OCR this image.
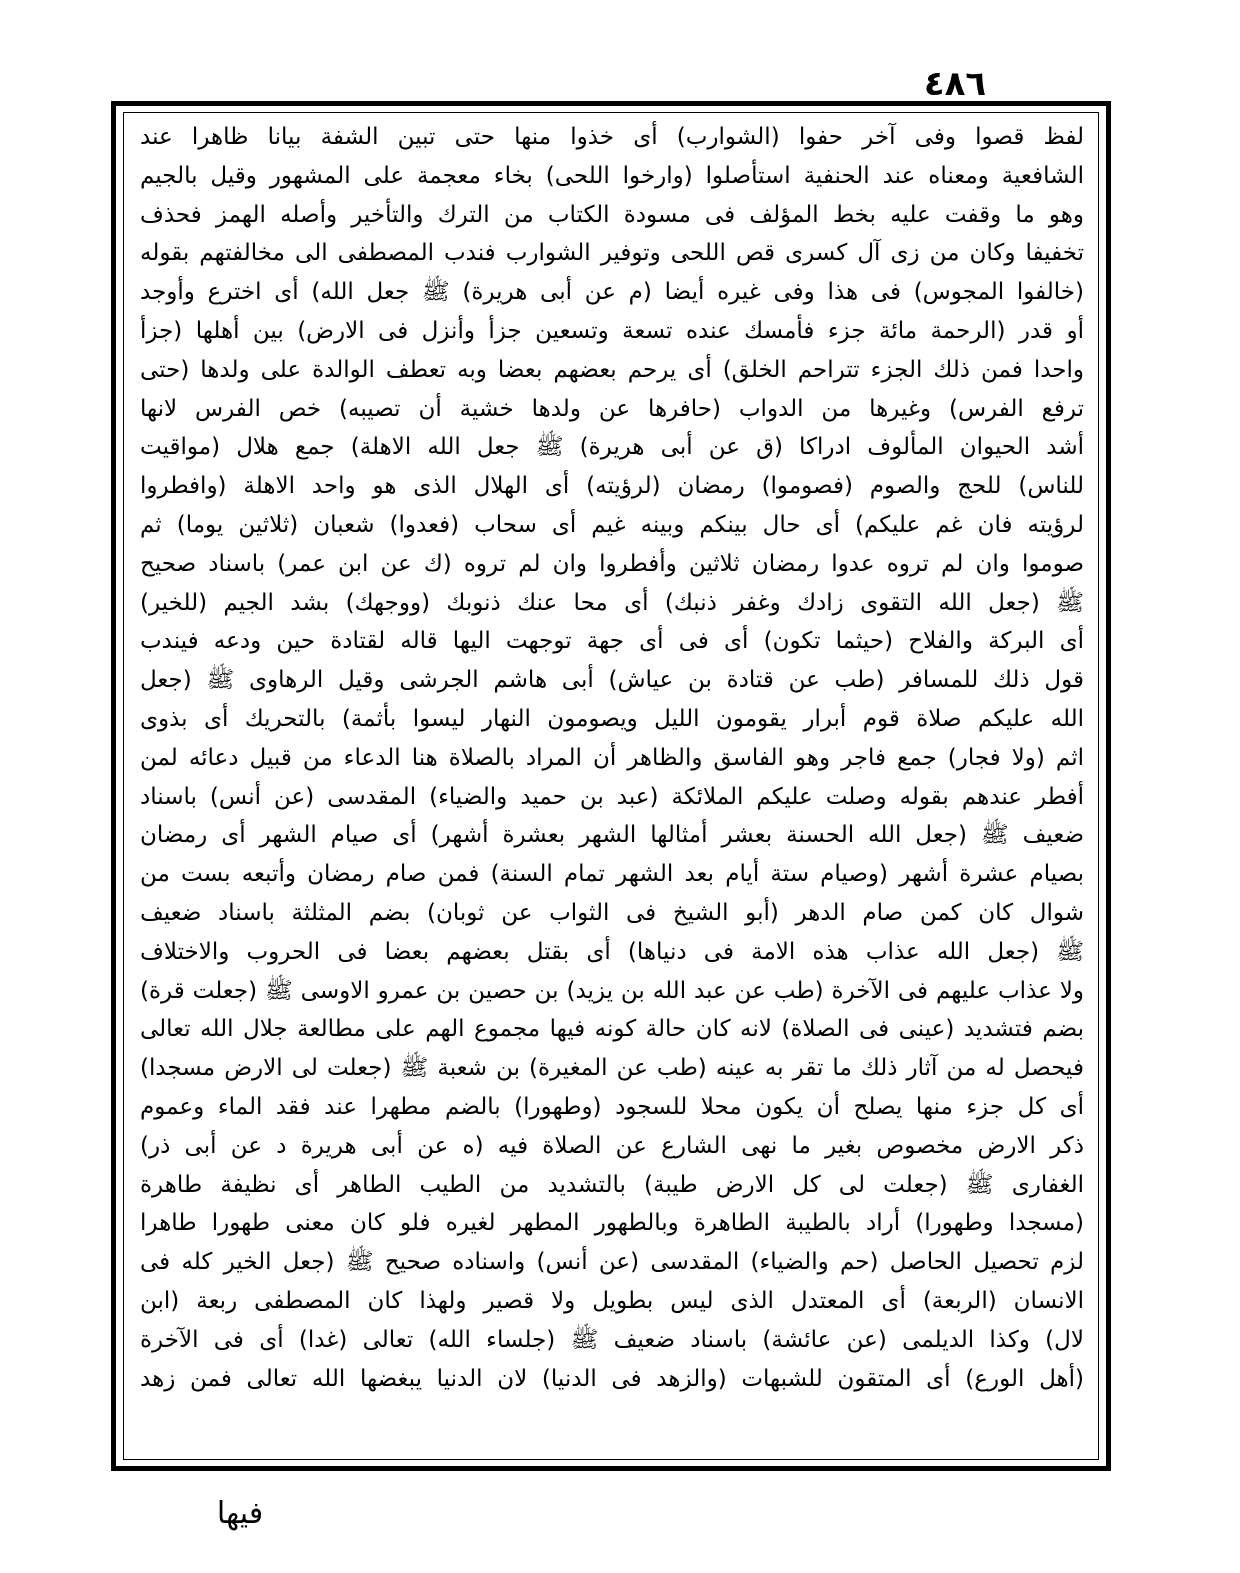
٤٨٦
لفظ قصوا وفى آخر حفوا (الشوارب) أى خذوا منها حتى تبين الشفة بيانا ظاهرا عند
الشافعية ومعناه عند الحنفية استأصلوا (وارخوا اللحى) بخاء معجمة على المشهور وقيل بالجيم
وهو ما وقفت عليه بخط المؤلف فى مسودة الكتاب من الترك والتأخير وأصله الهمز فحذف
تخفيفا وكان من زى آل كسرى قص اللحى وتوفير الشوارب فندب المصطفى الى مخالفتهم بقوله
(خالفوا المجوس) فى هذا وفى غيره أيضا (م عن أبى هريرة) ﷺ جعل الله) أى اخترع وأوجد
أو قدر (الرحمة مائة جزء فأمسك عنده تسعة وتسعين جزأ وأنزل فى الارض) بين أهلها (جزأ
واحدا فمن ذلك الجزء تتراحم الخلق) أى يرحم بعضهم بعضا وبه تعطف الوالدة على ولدها (حتى
ترفع الفرس) وغيرها من الدواب (حافرها عن ولدها خشية أن تصيبه) خص الفرس لانها
أشد الحيوان المألوف ادراكا (ق عن أبى هريرة) ﷺ جعل الله الاهلة) جمع هلال (مواقيت
للناس) للحج والصوم (فصوموا) رمضان (لرؤيته) أى الهلال الذى هو واحد الاهلة (وافطروا
لرؤيته فان غم عليكم) أى حال بينكم وبينه غيم أى سحاب (فعدوا) شعبان (ثلاثين يوما) ثم
صوموا وان لم تروه عدوا رمضان ثلاثين وأفطروا وان لم تروه (ك عن ابن عمر) باسناد صحيح
ﷺ (جعل الله التقوى زادك وغفر ذنبك) أى محا عنك ذنوبك (ووجهك) بشد الجيم (للخير)
أى البركة والفلاح (حيثما تكون) أى فى أى جهة توجهت اليها قاله لقتادة حين ودعه فيندب
قول ذلك للمسافر (طب عن قتادة بن عياش) أبى هاشم الجرشى وقيل الرهاوى ﷺ (جعل
الله عليكم صلاة قوم أبرار يقومون الليل ويصومون النهار ليسوا بأثمة) بالتحريك أى بذوى
اثم (ولا فجار) جمع فاجر وهو الفاسق والظاهر أن المراد بالصلاة هنا الدعاء من قبيل دعائه لمن
أفطر عندهم بقوله وصلت عليكم الملائكة (عبد بن حميد والضياء) المقدسى (عن أنس) باسناد
ضعيف ﷺ (جعل الله الحسنة بعشر أمثالها الشهر بعشرة أشهر) أى صيام الشهر أى رمضان
بصيام عشرة أشهر (وصيام ستة أيام بعد الشهر تمام السنة) فمن صام رمضان وأتبعه بست من
شوال كان كمن صام الدهر (أبو الشيخ فى الثواب عن ثوبان) بضم المثلثة باسناد ضعيف
ﷺ (جعل الله عذاب هذه الامة فى دنياها) أى بقتل بعضهم بعضا فى الحروب والاختلاف
ولا عذاب عليهم فى الآخرة (طب عن عبد الله بن يزيد) بن حصين بن عمرو الاوسى ﷺ (جعلت قرة)
بضم فتشديد (عينى فى الصلاة) لانه كان حالة كونه فيها مجموع الهم على مطالعة جلال الله تعالى
فيحصل له من آثار ذلك ما تقر به عينه (طب عن المغيرة) بن شعبة ﷺ (جعلت لى الارض مسجدا)
أى كل جزء منها يصلح أن يكون محلا للسجود (وطهورا) بالضم مطهرا عند فقد الماء وعموم
ذكر الارض مخصوص بغير ما نهى الشارع عن الصلاة فيه (ه عن أبى هريرة د عن أبى ذر)
الغفارى ﷺ (جعلت لى كل الارض طيبة) بالتشديد من الطيب الطاهر أى نظيفة طاهرة
(مسجدا وطهورا) أراد بالطيبة الطاهرة وبالطهور المطهر لغيره فلو كان معنى طهورا طاهرا
لزم تحصيل الحاصل (حم والضياء) المقدسى (عن أنس) واسناده صحيح ﷺ (جعل الخير كله فى
الانسان (الربعة) أى المعتدل الذى ليس بطويل ولا قصير ولهذا كان المصطفى ربعة (ابن
لال) وكذا الديلمى (عن عائشة) باسناد ضعيف ﷺ (جلساء الله) تعالى (غدا) أى فى الآخرة
(أهل الورع) أى المتقون للشبهات (والزهد فى الدنيا) لان الدنيا يبغضها الله تعالى فمن زهد
فيها
